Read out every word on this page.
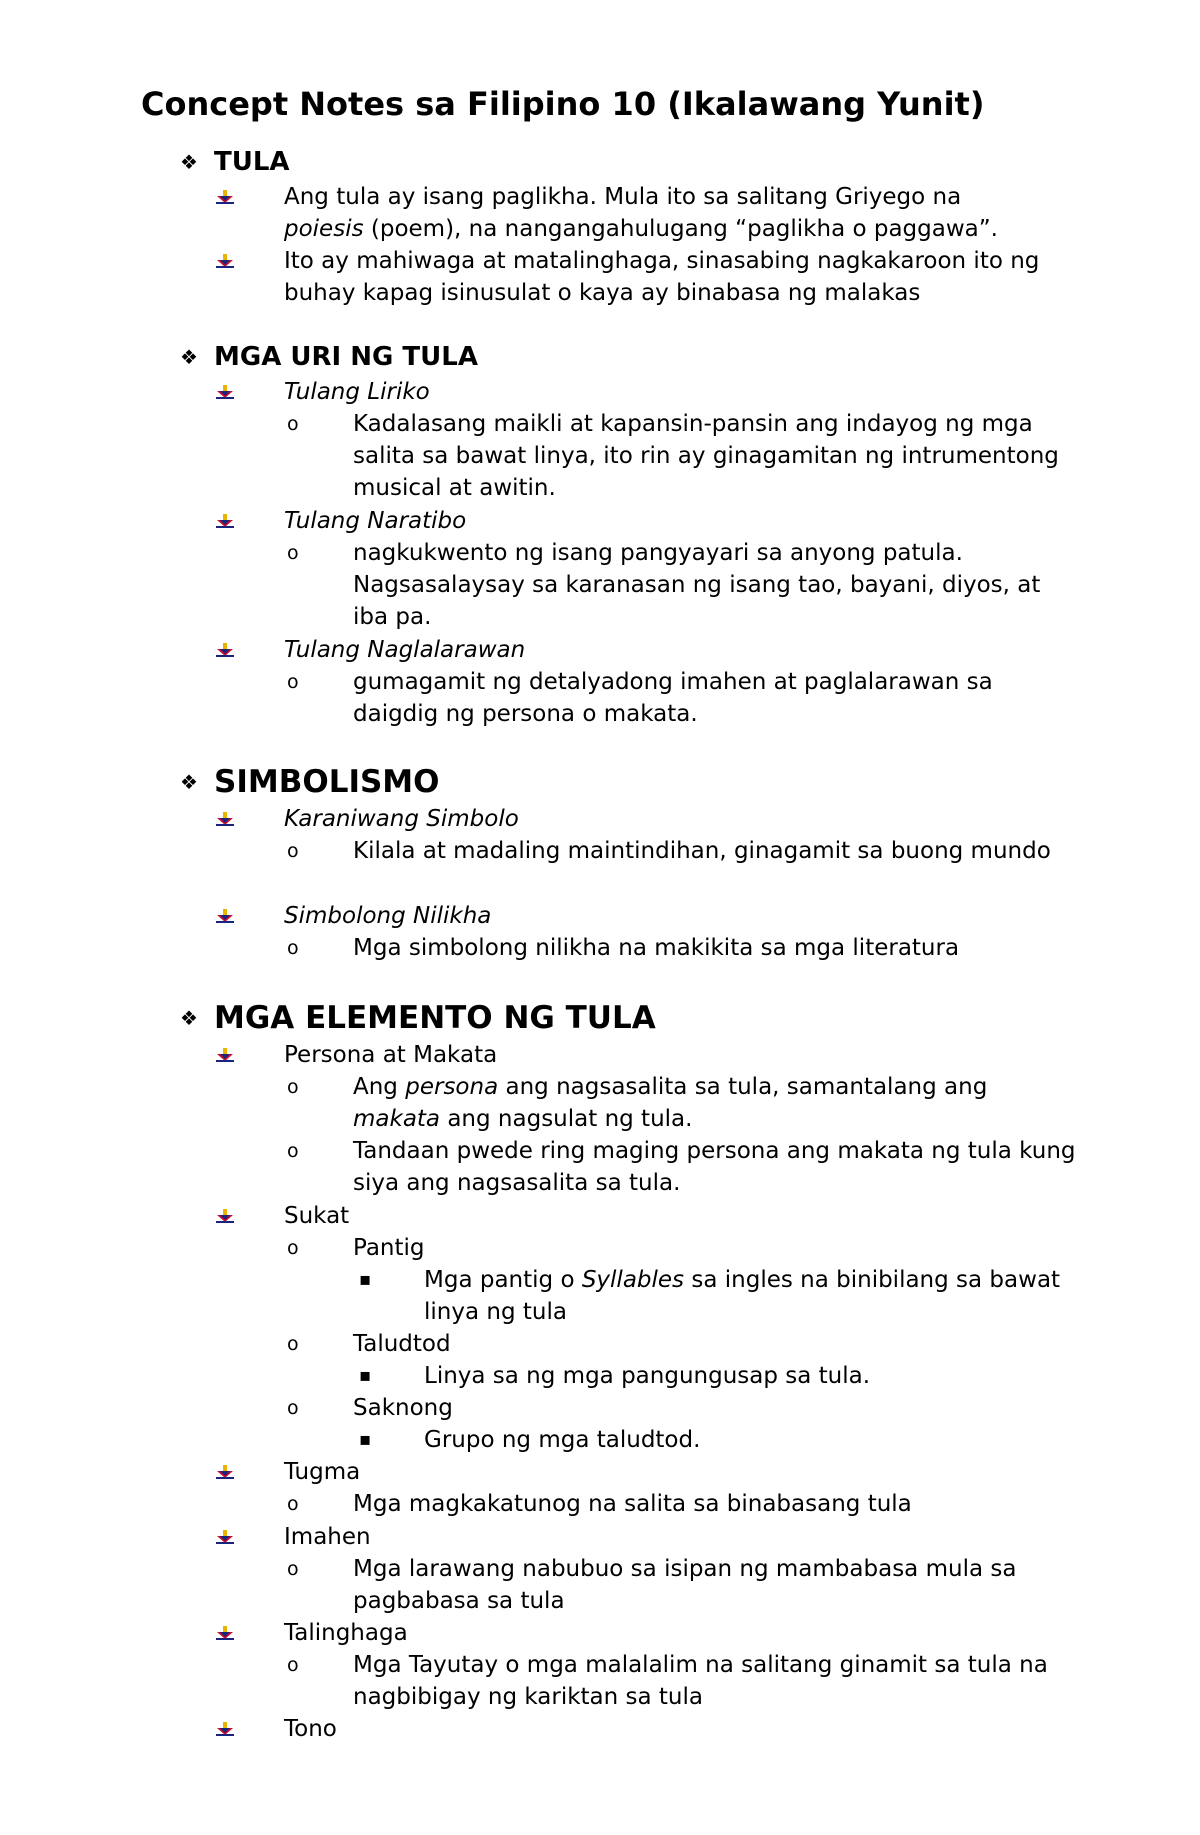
Concept Notes sa Filipino 10 (Ikalawang Yunit)
❖ TULA
Ang tula ay isang paglikha. Mula ito sa salitang Griyego na
poiesis (poem), na nangangahulugang “paglikha o paggawa”.
Ito ay mahiwaga at matalinghaga, sinasabing nagkakaroon ito ng buhay kapag isinusulat o kaya ay binabasa ng malakas
❖ MGA URI NG TULA
Tulang Liriko
o	Kadalasang maikli at kapansin-pansin ang indayog ng mga salita sa bawat linya, ito rin ay ginagamitan ng intrumentong musical at awitin.
Tulang Naratibo
o	nagkukwento ng isang pangyayari sa anyong patula. Nagsasalaysay sa karanasan ng isang tao, bayani, diyos, at iba pa.
Tulang Naglalarawan
o	gumagamit ng detalyadong imahen at paglalarawan sa daigdig ng persona o makata.
❖ SIMBOLISMO
Karaniwang Simbolo
o	Kilala at madaling maintindihan, ginagamit sa buong mundo
Simbolong Nilikha
o	Mga simbolong nilikha na makikita sa mga literatura
❖ MGA ELEMENTO NG TULA
Persona at Makata
o	Ang persona ang nagsasalita sa tula, samantalang ang
makata ang nagsulat ng tula.
o	Tandaan pwede ring maging persona ang makata ng tula kung siya ang nagsasalita sa tula.
Sukat
o	Pantig
▪	Mga pantig o Syllables sa ingles na binibilang sa bawat linya ng tula
o	Taludtod
▪	Linya sa ng mga pangungusap sa tula.
o	Saknong
▪	Grupo ng mga taludtod.
Tugma
o	Mga magkakatunog na salita sa binabasang tula
Imahen
o	Mga larawang nabubuo sa isipan ng mambabasa mula sa pagbabasa sa tula
Talinghaga
o	Mga Tayutay o mga malalalim na salitang ginamit sa tula na nagbibigay ng kariktan sa tula
Tono
